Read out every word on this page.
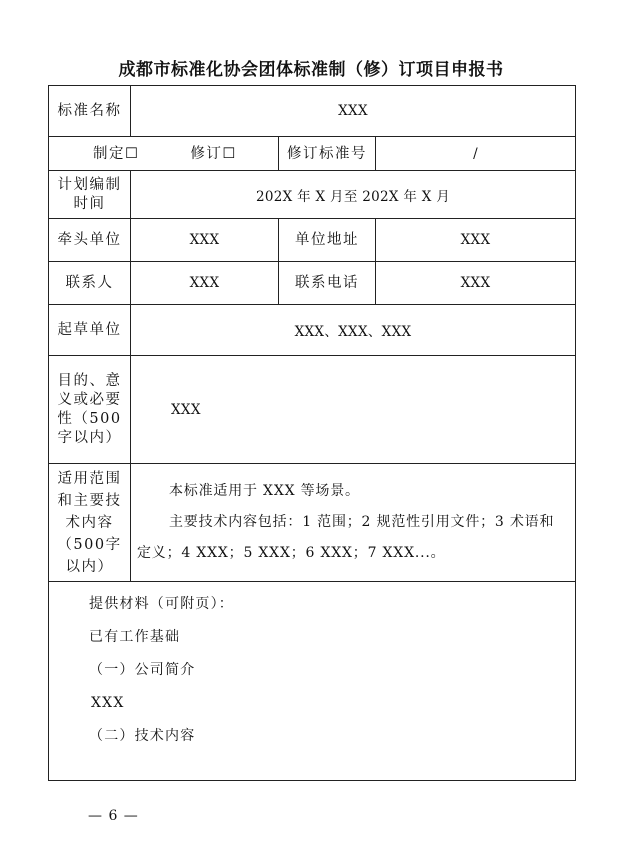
成都市标准化协会团体标准制（修）订项目申报书
标准名称	XXX		
制定☐ 修订☐		修订标准号	/
计划编制时间	202X 年 X 月至 202X 年 X 月		
牵头单位	XXX	单位地址	XXX
联系人	XXX	联系电话	XXX
起草单位	XXX、XXX、XXX		
目的、意义或必要性（500字以内）	XXX		
适用范围和主要技术内容（500字以内）	本标准适用于 XXX 等场景。
主要技术内容包括：1 范围；2 规范性引用文件；3 术语和定义；4 XXX；5 XXX；6 XXX；7 XXX...。		

提供材料（可附页）：
已有工作基础
（一）公司简介
XXX
（二）技术内容			
— 6 —
